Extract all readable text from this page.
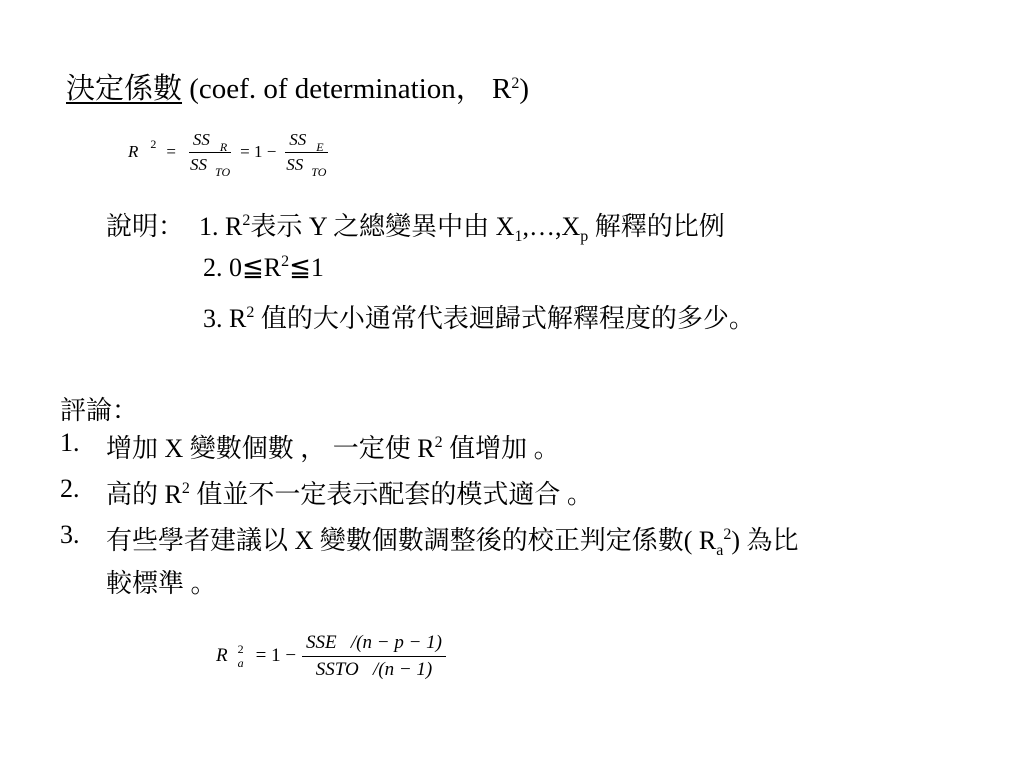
決定係數 (coef. of determination， $R^2$)
R $2 = \frac{SS _R}{SS _{TO}} = 1 - \frac{SS _E}{SS _{TO}}$
說明： 1. $R^2$表示 Y 之總變異中由 $X_1,\dots,X_p$ 解釋的比例
2. $0≦R^2≦1$
3. $R^2$ 值的大小通常代表迴歸式解釋程度的多少。
評論：
1. 增加 X 變數個數 ， 一定使 $R^2$ 值增加 。
2. 高的 $R^2$ 值並不一定表示配套的模式適合 。
3. 有些學者建議以 X 變數個數調整後的校正判定係數( $R_a^2$) 為比
較標準 。
R 2
$a = 1 - \frac{\text{SSE   /(n − p − 1)}}{\text{SSTO   /(n − 1)}}$
